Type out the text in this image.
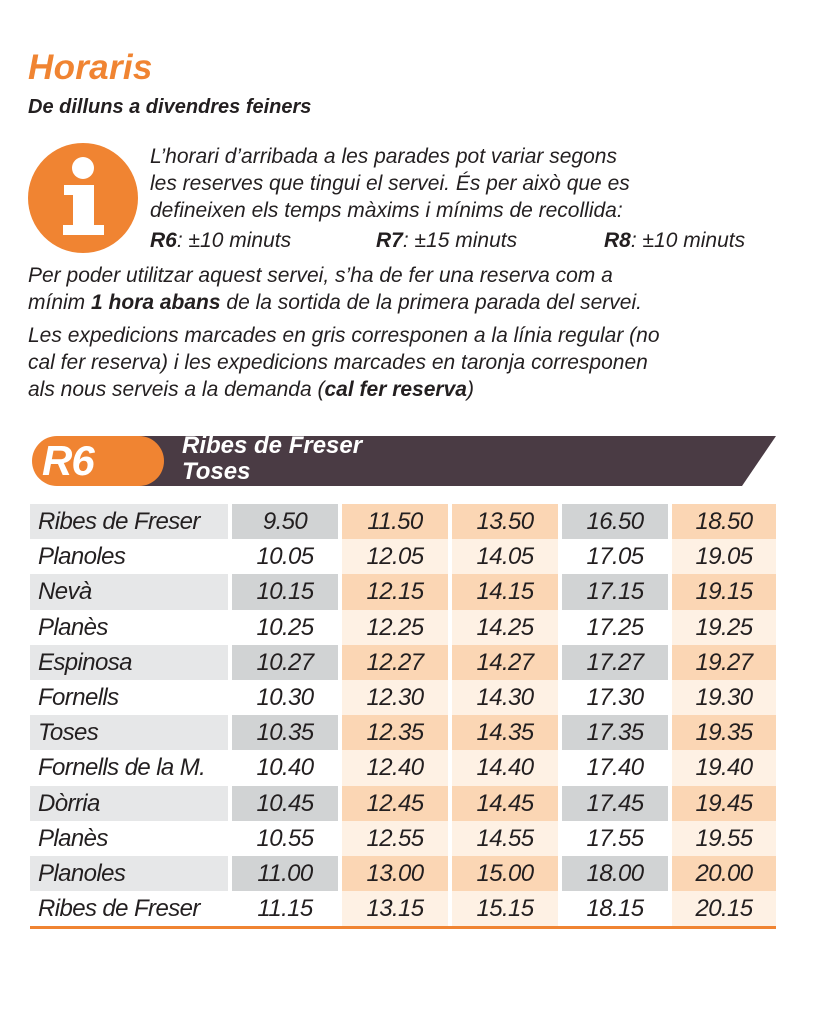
Horaris
De dilluns a divendres feiners

L’horari d’arribada a les parades pot variar segons

les reserves que tingui el servei. És per això que es

defineixen els temps màxims i mínims de recollida:

R6: ±10 minuts	R7: ±15 minuts	R8: ±10 minuts

Per poder utilitzar aquest servei, s’ha de fer una reserva com a

mínim 1 hora abans de la sortida de la primera parada del servei.

Les expedicions marcades en gris corresponen a la línia regular (no

cal fer reserva) i les expedicions marcades en taronja corresponen

als nous serveis a la demanda (cal fer reserva)

R6	Ribes de Freser
Toses
Ribes de Freser	9.50	11.50	13.50	16.50	18.50
Planoles	10.05	12.05	14.05	17.05	19.05
Nevà	10.15	12.15	14.15	17.15	19.15
Planès	10.25	12.25	14.25	17.25	19.25
Espinosa	10.27	12.27	14.27	17.27	19.27
Fornells	10.30	12.30	14.30	17.30	19.30
Toses	10.35	12.35	14.35	17.35	19.35
Fornells de la M.	10.40	12.40	14.40	17.40	19.40
Dòrria	10.45	12.45	14.45	17.45	19.45
Planès	10.55	12.55	14.55	17.55	19.55
Planoles	11.00	13.00	15.00	18.00	20.00
Ribes de Freser	11.15	13.15	15.15	18.15	20.15
